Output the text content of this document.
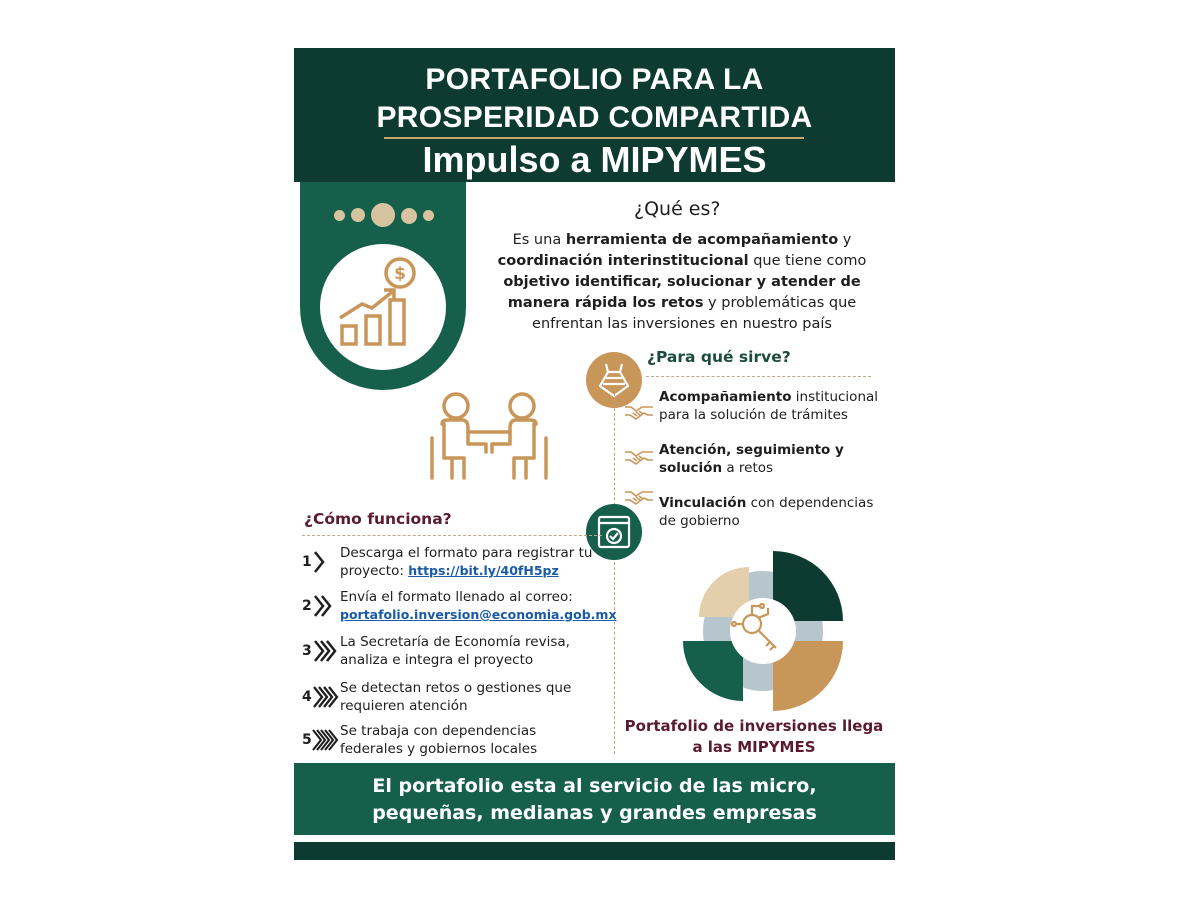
PORTAFOLIO PARA LA
PROSPERIDAD COMPARTIDA
Impulso a MIPYMES
$
¿Qué es?
Es una herramienta de acompañamiento y coordinación interinstitucional que tiene como objetivo identificar, solucionar y atender de manera rápida los retos y problemáticas que enfrentan las inversiones en nuestro país
¿Para qué sirve?
Acompañamiento institucional para la solución de trámites
Atención, seguimiento y solución a retos
Vinculación con dependencias de gobierno
¿Cómo funciona?
1
Descarga el formato para registrar tu proyecto: https://bit.ly/40fH5pz
2
Envía el formato llenado al correo: portafolio.inversion@economia.gob.mx
3
La Secretaría de Economía revisa, analiza e integra el proyecto
4
Se detectan retos o gestiones que requieren atención
5
Se trabaja con dependencias federales y gobiernos locales
Portafolio de inversiones llega a las MIPYMES
El portafolio esta al servicio de las micro,
pequeñas, medianas y grandes empresas
